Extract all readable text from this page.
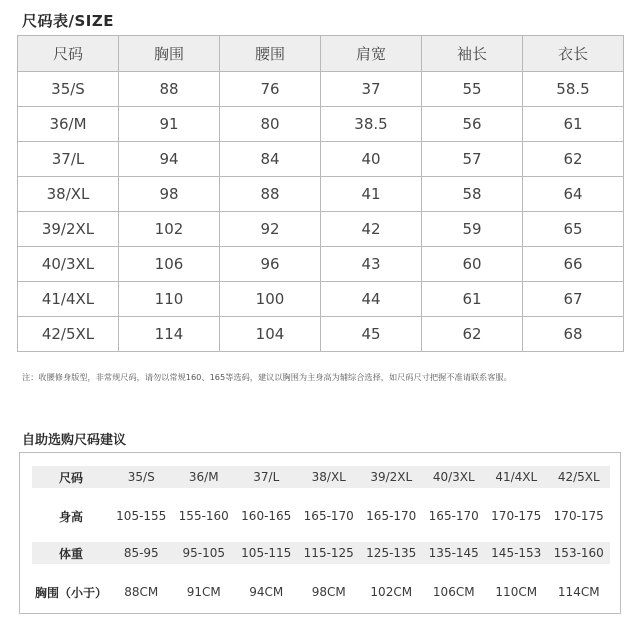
尺码表/SIZE
尺码	胸围	腰围	肩宽	袖长	衣长
35/S	88	76	37	55	58.5
36/M	91	80	38.5	56	61
37/L	94	84	40	57	62
38/XL	98	88	41	58	64
39/2XL	102	92	42	59	65
40/3XL	106	96	43	60	66
41/4XL	110	100	44	61	67
42/5XL	114	104	45	62	68
注：收腰修身版型，非常规尺码，请勿以常规160、165等选码，建议以胸围为主身高为辅综合选择，如尺码尺寸把握不准请联系客服。
自助选购尺码建议
尺码	35/S	36/M	37/L	38/XL	39/2XL	40/3XL	41/4XL	42/5XL
身高	105-155	155-160	160-165	165-170	165-170	165-170	170-175	170-175
体重	85-95	95-105	105-115	115-125	125-135	135-145	145-153	153-160
胸围（小于）	88CM	91CM	94CM	98CM	102CM	106CM	110CM	114CM
